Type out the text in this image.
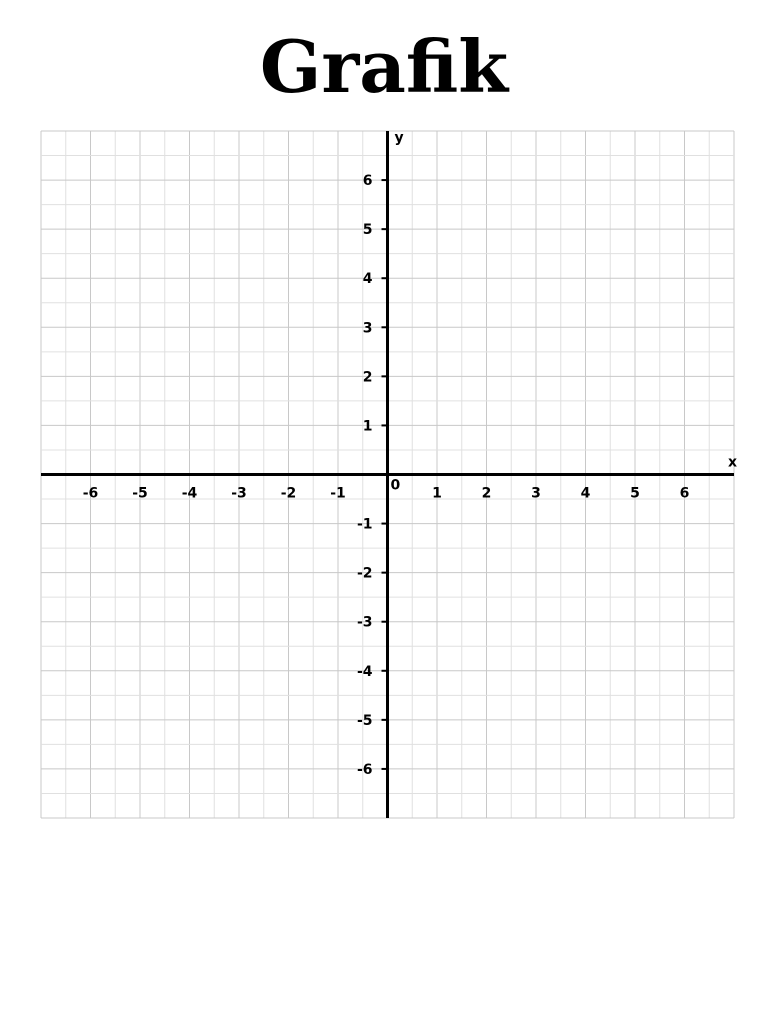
Grafik
-6 -5 -4 -3 -2 -1	1	2	3	4	5	6
-6
-5
-4
-3
-2
-1
1
2
3
4
5
6
x
y
0
